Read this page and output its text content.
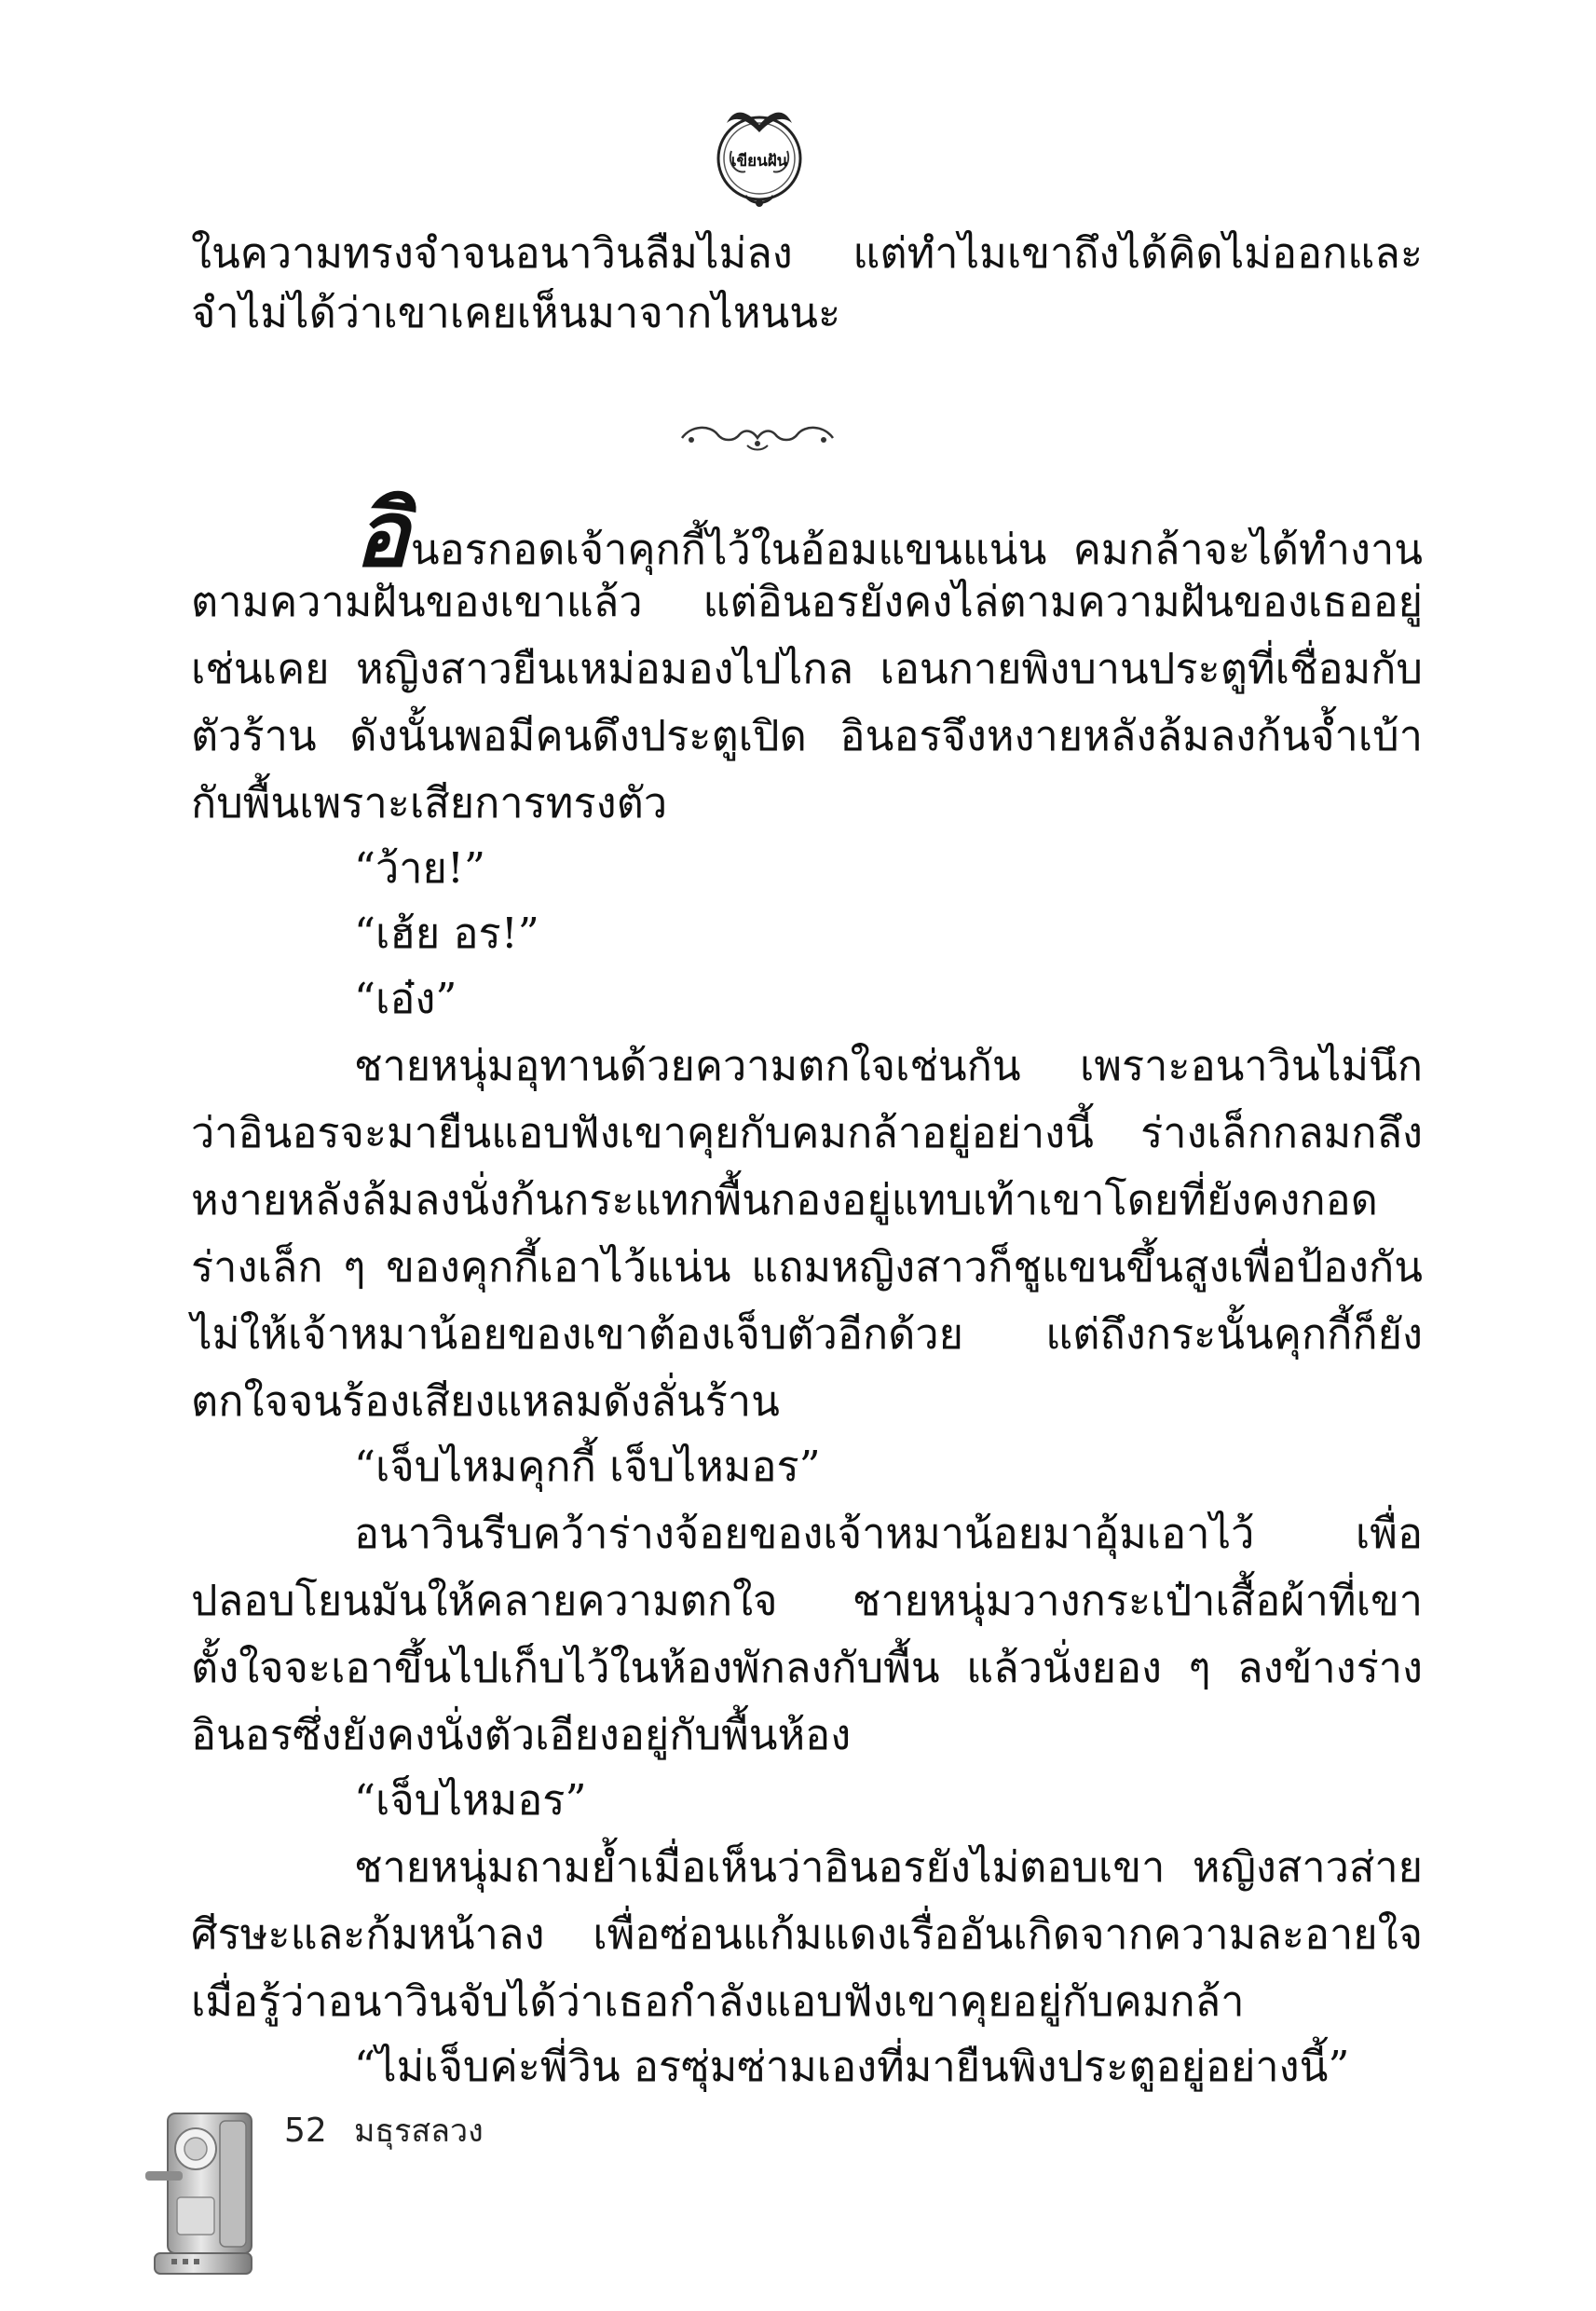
เขียนฝัน
ในความทรงจำจนอนาวินลืมไม่ลง แต่ทำไมเขาถึงได้คิดไม่ออกและ
จำไม่ได้ว่าเขาเคยเห็นมาจากไหนนะ
อินอรกอดเจ้าคุกกี้ไว้ในอ้อมแขนแน่น คมกล้าจะได้ทำงาน
ตามความฝันของเขาแล้ว แต่อินอรยังคงไล่ตามความฝันของเธออยู่
เช่นเคย หญิงสาวยืนเหม่อมองไปไกล เอนกายพิงบานประตูที่เชื่อมกับ
ตัวร้าน ดังนั้นพอมีคนดึงประตูเปิด อินอรจึงหงายหลังล้มลงก้นจ้ำเบ้า
กับพื้นเพราะเสียการทรงตัว
“ว้าย!”
“เฮ้ย อร!”
“เอ๋ง”
ชายหนุ่มอุทานด้วยความตกใจเช่นกัน เพราะอนาวินไม่นึก
ว่าอินอรจะมายืนแอบฟังเขาคุยกับคมกล้าอยู่อย่างนี้ ร่างเล็กกลมกลึง
หงายหลังล้มลงนั่งก้นกระแทกพื้นกองอยู่แทบเท้าเขาโดยที่ยังคงกอด
ร่างเล็ก ๆ ของคุกกี้เอาไว้แน่น แถมหญิงสาวก็ชูแขนขึ้นสูงเพื่อป้องกัน
ไม่ให้เจ้าหมาน้อยของเขาต้องเจ็บตัวอีกด้วย แต่ถึงกระนั้นคุกกี้ก็ยัง
ตกใจจนร้องเสียงแหลมดังลั่นร้าน
“เจ็บไหมคุกกี้ เจ็บไหมอร”
อนาวินรีบคว้าร่างจ้อยของเจ้าหมาน้อยมาอุ้มเอาไว้ เพื่อ
ปลอบโยนมันให้คลายความตกใจ ชายหนุ่มวางกระเป๋าเสื้อผ้าที่เขา
ตั้งใจจะเอาขึ้นไปเก็บไว้ในห้องพักลงกับพื้น แล้วนั่งยอง ๆ ลงข้างร่าง
อินอรซึ่งยังคงนั่งตัวเอียงอยู่กับพื้นห้อง
“เจ็บไหมอร”
ชายหนุ่มถามย้ำเมื่อเห็นว่าอินอรยังไม่ตอบเขา หญิงสาวส่าย
ศีรษะและก้มหน้าลง เพื่อซ่อนแก้มแดงเรื่ออันเกิดจากความละอายใจ
เมื่อรู้ว่าอนาวินจับได้ว่าเธอกำลังแอบฟังเขาคุยอยู่กับคมกล้า
“ไม่เจ็บค่ะพี่วิน อรซุ่มซ่ามเองที่มายืนพิงประตูอยู่อย่างนี้”
52 มธุรสลวง
